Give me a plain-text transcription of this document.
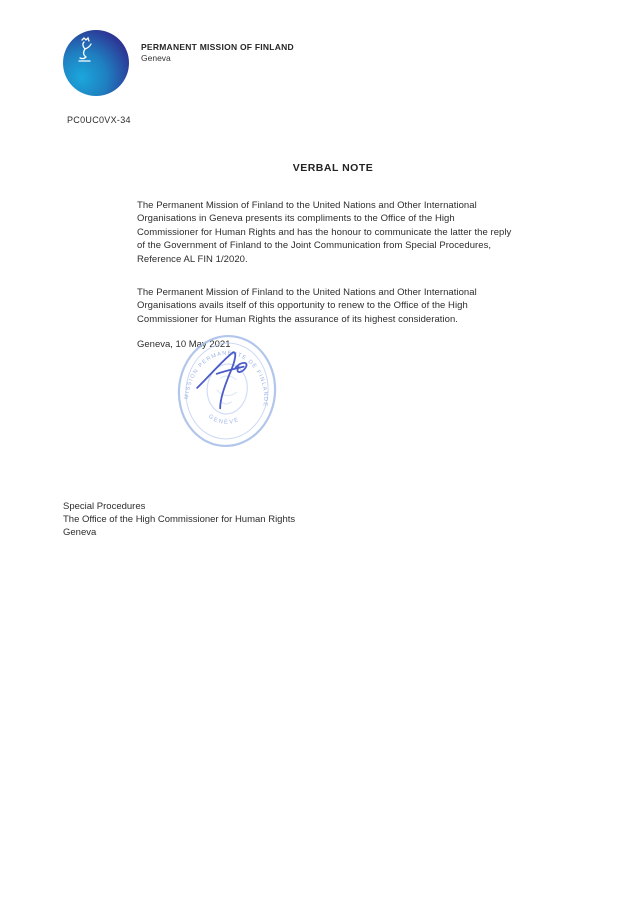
PERMANENT MISSION OF FINLAND
Geneva
PC0UC0VX-34
VERBAL NOTE
The Permanent Mission of Finland to the United Nations and Other International
Organisations in Geneva presents its compliments to the Office of the High
Commissioner for Human Rights and has the honour to communicate the latter the reply
of the Government of Finland to the Joint Communication from Special Procedures,
Reference AL FIN 1/2020.
The Permanent Mission of Finland to the United Nations and Other International
Organisations avails itself of this opportunity to renew to the Office of the High
Commissioner for Human Rights the assurance of its highest consideration.
Geneva, 10 May 2021
MISSION PERMANENTE DE FINLANDE
GENÈVE
Special Procedures
The Office of the High Commissioner for Human Rights
Geneva
